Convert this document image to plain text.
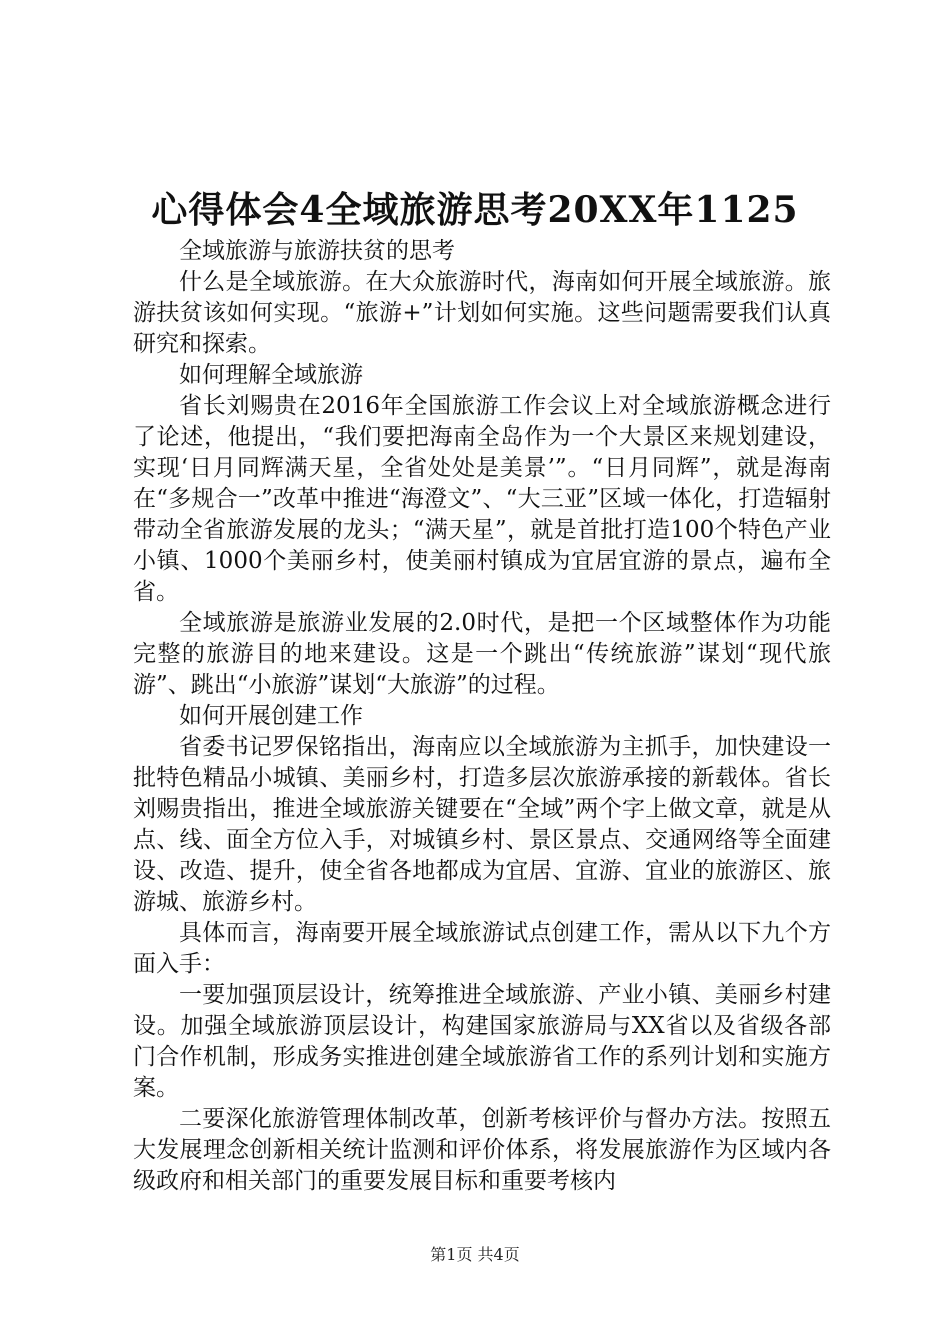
心得体会4全域旅游思考20XX年1125

全域旅游与旅游扶贫的思考

什么是全域旅游。在大众旅游时代，海南如何开展全域旅游。旅游扶贫该如何实现。“旅游+”计划如何实施。这些问题需要我们认真研究和探索。

如何理解全域旅游

省长刘赐贵在2016年全国旅游工作会议上对全域旅游概念进行了论述，他提出，“我们要把海南全岛作为一个大景区来规划建设，实现‘日月同辉满天星，全省处处是美景’”。“日月同辉”，就是海南在“多规合一”改革中推进“海澄文”、“大三亚”区域一体化，打造辐射带动全省旅游发展的龙头；“满天星”，就是首批打造100个特色产业小镇、1000个美丽乡村，使美丽村镇成为宜居宜游的景点，遍布全省。

全域旅游是旅游业发展的2.0时代，是把一个区域整体作为功能完整的旅游目的地来建设。这是一个跳出“传统旅游”谋划“现代旅游”、跳出“小旅游”谋划“大旅游”的过程。

如何开展创建工作

省委书记罗保铭指出，海南应以全域旅游为主抓手，加快建设一批特色精品小城镇、美丽乡村，打造多层次旅游承接的新载体。省长刘赐贵指出，推进全域旅游关键要在“全域”两个字上做文章，就是从点、线、面全方位入手，对城镇乡村、景区景点、交通网络等全面建设、改造、提升，使全省各地都成为宜居、宜游、宜业的旅游区、旅游城、旅游乡村。

具体而言，海南要开展全域旅游试点创建工作，需从以下九个方面入手：

一要加强顶层设计，统筹推进全域旅游、产业小镇、美丽乡村建设。加强全域旅游顶层设计，构建国家旅游局与XX省以及省级各部门合作机制，形成务实推进创建全域旅游省工作的系列计划和实施方案。

二要深化旅游管理体制改革，创新考核评价与督办方法。按照五大发展理念创新相关统计监测和评价体系，将发展旅游作为区域内各级政府和相关部门的重要发展目标和重要考核内

第1页 共4页
